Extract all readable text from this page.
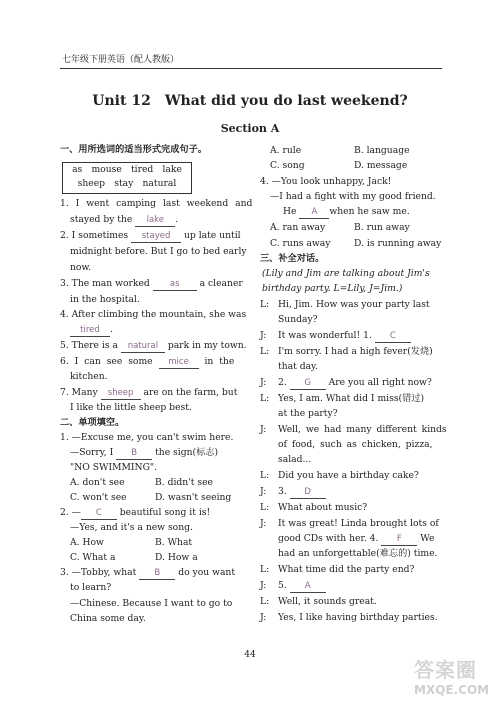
七年级下册英语（配人教版）
Unit 12　What did you do last weekend?
Section A
一、用所选词的适当形式完成句子。
as　mouse　tired　lake
sheep　stay　natural
1. I went camping last weekend and
stayed by the lake .
2. I sometimes stayed up late until
midnight before. But I go to bed early
now.
3. The man worked as a cleaner
in the hospital.
4. After climbing the mountain, she was
tired .
5. There is a natural park in my town.
6. I can see some mice in the
kitchen.
7. Many sheep are on the farm, but
I like the little sheep best.
二、单项填空。
1. —Excuse me, you can't swim here.
—Sorry, I B the sign(标志)
"NO SWIMMING".
A. don't see	B. didn't see
C. won't see	D. wasn't seeing
2. — C beautiful song it is!
—Yes, and it's a new song.
A. How	B. What
C. What a	D. How a
3. —Tobby, what B do you want
to learn?
—Chinese. Because I want to go to
China some day.
A. rule	B. language
C. song	D. message
4. —You look unhappy, Jack!
—I had a fight with my good friend.
He A when he saw me.
A. ran away	B. run away
C. runs away	D. is running away
三、补全对话。
(Lily and Jim are talking about Jim's
birthday party. L=Lily, J=Jim.)
L: Hi, Jim. How was your party last
Sunday?
J: It was wonderful! 1. C
L: I'm sorry. I had a high fever(发烧)
that day.
J: 2. G Are you all right now?
L: Yes, I am. What did I miss(错过)
at the party?
J: Well, we had many different kinds
of food, such as chicken, pizza,
salad...
L: Did you have a birthday cake?
J: 3. D
L: What about music?
J: It was great! Linda brought lots of
good CDs with her. 4. F We
had an unforgettable(难忘的) time.
L: What time did the party end?
J: 5. A
L: Well, it sounds great.
J: Yes, I like having birthday parties.
44
答案圈
MXQE.COM
